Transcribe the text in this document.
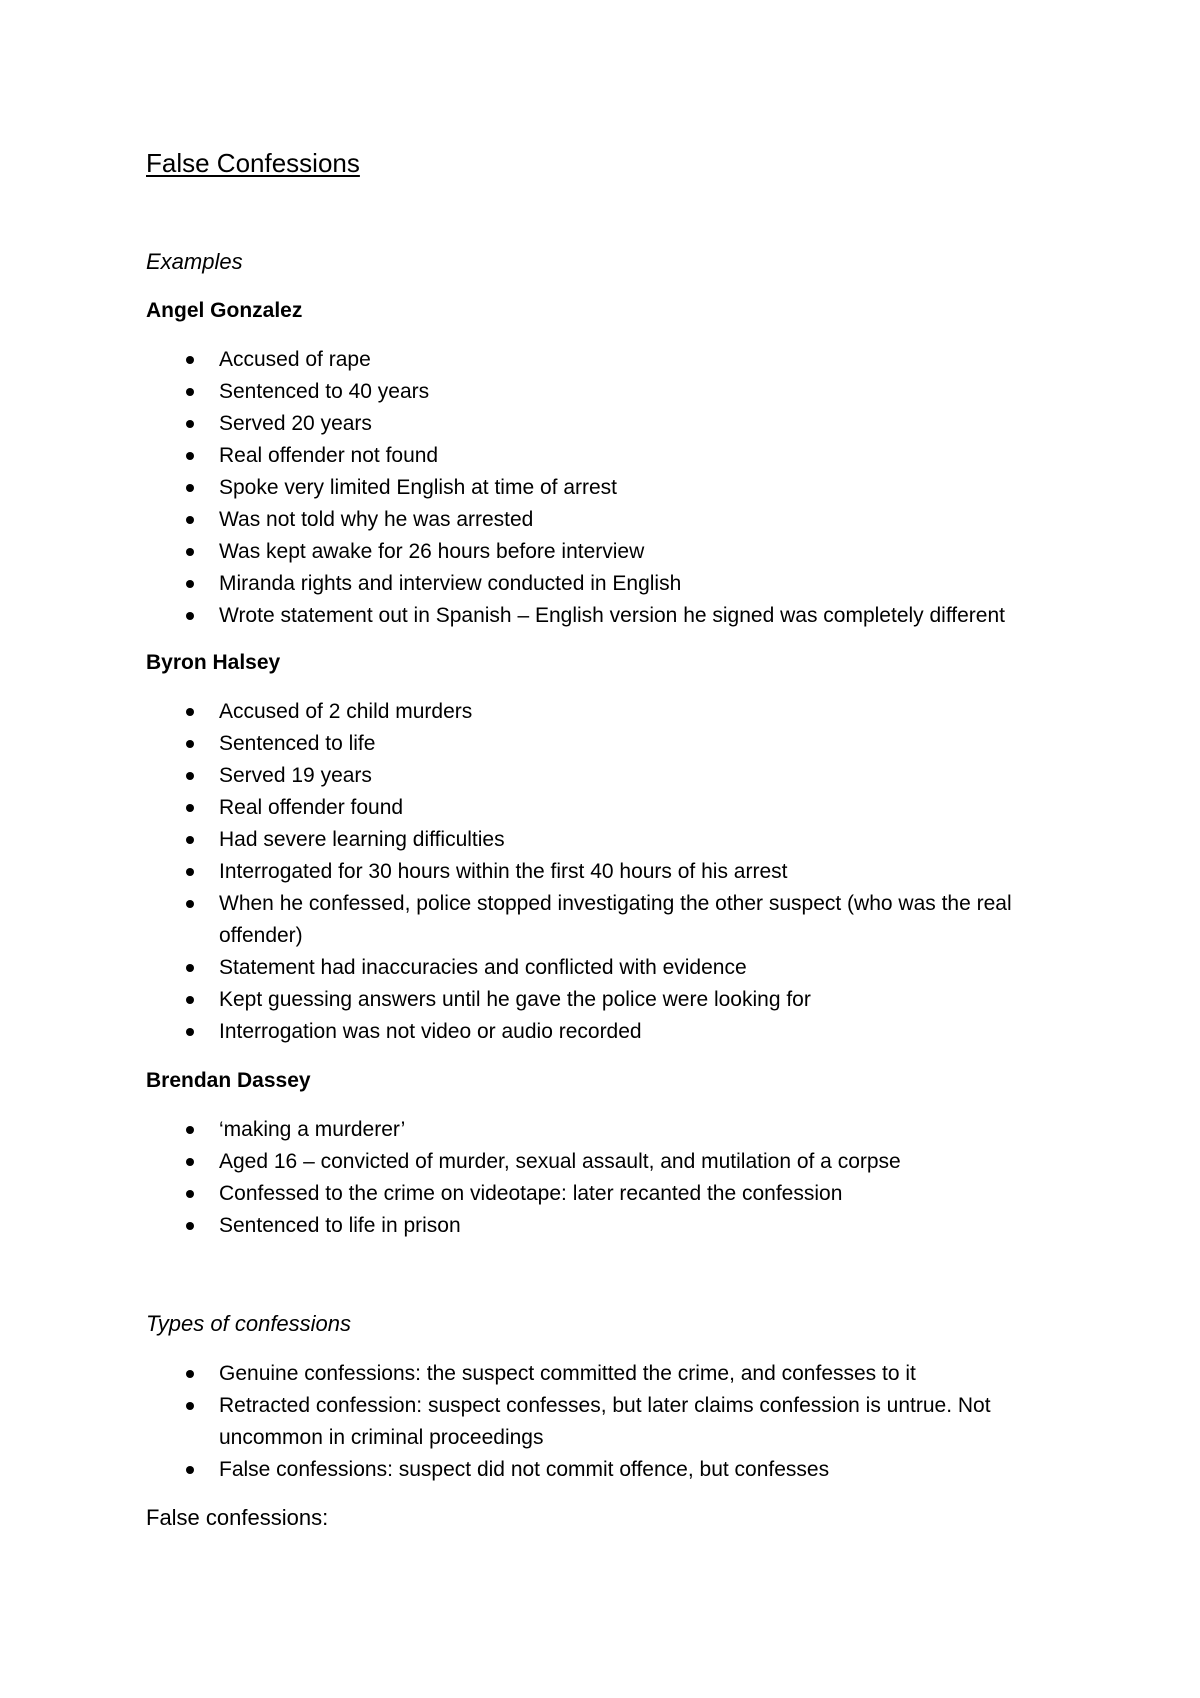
False Confessions
Examples
Angel Gonzalez
Accused of rape
Sentenced to 40 years
Served 20 years
Real offender not found
Spoke very limited English at time of arrest
Was not told why he was arrested
Was kept awake for 26 hours before interview
Miranda rights and interview conducted in English
Wrote statement out in Spanish – English version he signed was completely different
Byron Halsey
Accused of 2 child murders
Sentenced to life
Served 19 years
Real offender found
Had severe learning difficulties
Interrogated for 30 hours within the first 40 hours of his arrest
When he confessed, police stopped investigating the other suspect (who was the real offender)
Statement had inaccuracies and conflicted with evidence
Kept guessing answers until he gave the police were looking for
Interrogation was not video or audio recorded
Brendan Dassey
‘making a murderer’
Aged 16 – convicted of murder, sexual assault, and mutilation of a corpse
Confessed to the crime on videotape: later recanted the confession
Sentenced to life in prison
Types of confessions
Genuine confessions: the suspect committed the crime, and confesses to it
Retracted confession: suspect confesses, but later claims confession is untrue. Not uncommon in criminal proceedings
False confessions: suspect did not commit offence, but confesses
False confessions:
